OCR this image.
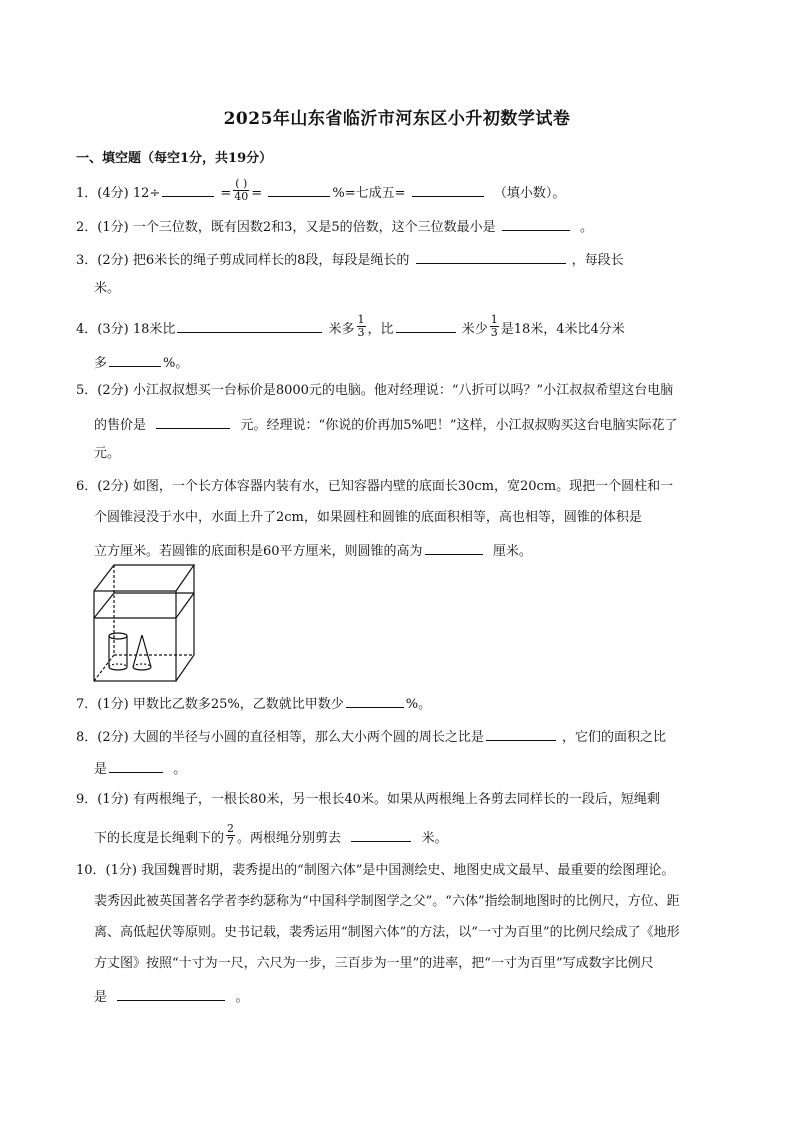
2025年山东省临沂市河东区小升初数学试卷
一、填空题（每空1分，共19分）
1．(4分) 12÷	= $\frac{( )}{40}$ =	%=七成五=	（填小数）。
2．(1分) 一个三位数，既有因数2和3，又是5的倍数，这个三位数最小是	。
3．(2分) 把6米长的绳子剪成同样长的8段，每段是绳长的	，每段长
米。
4．(3分) 18米比	米多 $\frac{1}{3}$ ，比	米少 $\frac{1}{3}$ 是18米，4米比4分米
多	%。
5．(2分) 小江叔叔想买一台标价是8000元的电脑。他对经理说：“八折可以吗？”小江叔叔希望这台电脑
的售价是	元。经理说：“你说的价再加5%吧！”这样，小江叔叔购买这台电脑实际花了
元。
6．(2分) 如图，一个长方体容器内装有水，已知容器内壁的底面长30cm，宽20cm。现把一个圆柱和一
个圆锥浸没于水中，水面上升了2cm，如果圆柱和圆锥的底面积相等，高也相等，圆锥的体积是
立方厘米。若圆锥的底面积是60平方厘米，则圆锥的高为	厘米。
7．(1分) 甲数比乙数多25%，乙数就比甲数少	%。
8．(2分) 大圆的半径与小圆的直径相等，那么大小两个圆的周长之比是	，它们的面积之比
是	。
9．(1分) 有两根绳子，一根长80米，另一根长40米。如果从两根绳上各剪去同样长的一段后，短绳剩
下的长度是长绳剩下的 $\frac{2}{7}$ 。两根绳分别剪去	米。
10．(1分) 我国魏晋时期，裴秀提出的“制图六体”是中国测绘史、地图史成文最早、最重要的绘图理论。
裴秀因此被英国著名学者李约瑟称为“中国科学制图学之父”。“六体”指绘制地图时的比例尺，方位、距
离、高低起伏等原则。史书记载，裴秀运用“制图六体”的方法，以“一寸为百里”的比例尺绘成了《地形
方丈图》按照“十寸为一尺，六尺为一步，三百步为一里”的进率，把“一寸为百里”写成数字比例尺
是	。
